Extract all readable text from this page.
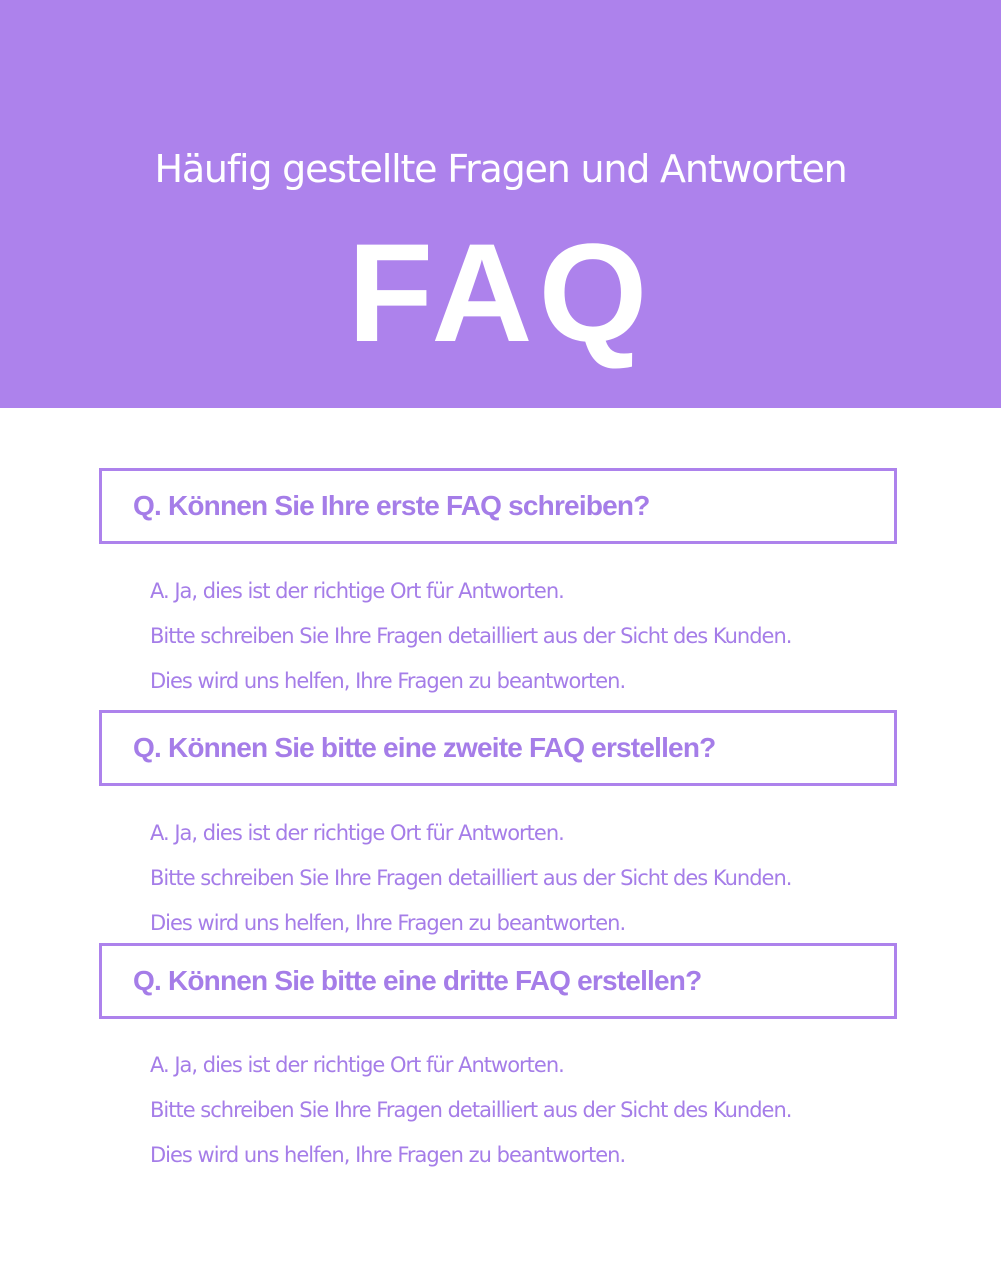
Häufig gestellte Fragen und Antworten
FAQ
Q. Können Sie Ihre erste FAQ schreiben?
A. Ja, dies ist der richtige Ort für Antworten.
Bitte schreiben Sie Ihre Fragen detailliert aus der Sicht des Kunden.
Dies wird uns helfen, Ihre Fragen zu beantworten.
Q. Können Sie bitte eine zweite FAQ erstellen?
A. Ja, dies ist der richtige Ort für Antworten.
Bitte schreiben Sie Ihre Fragen detailliert aus der Sicht des Kunden.
Dies wird uns helfen, Ihre Fragen zu beantworten.
Q. Können Sie bitte eine dritte FAQ erstellen?
A. Ja, dies ist der richtige Ort für Antworten.
Bitte schreiben Sie Ihre Fragen detailliert aus der Sicht des Kunden.
Dies wird uns helfen, Ihre Fragen zu beantworten.
